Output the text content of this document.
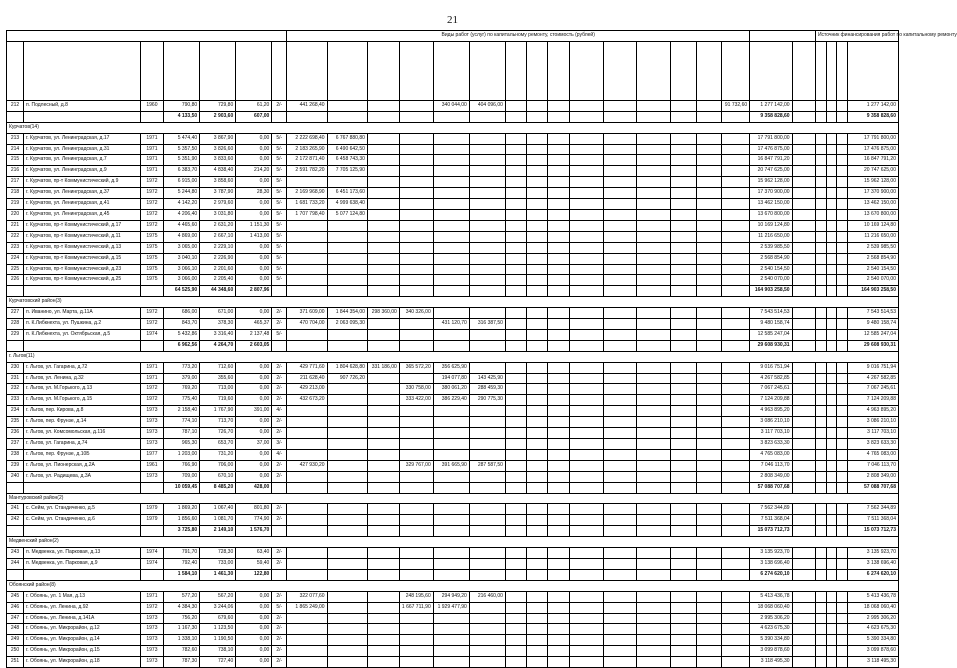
21
							Виды работ (услуг) по капитальному ремонту, стоимость (рублей)																	Источник финансирования работ по капитальному ремонту			

212	п. Подлесный, д.8	1960	790,80	729,80	61,20	2/-	441 268,40				340 044,00	404 096,00									91 732,60	1 277 142,00					1 277 142,00
			4 133,50	2 903,60	607,00																	9 358 828,60					9 358 828,60
Курчатов(14)																											
213	г. Курчатов, ул. Ленинградская, д.17	1971	5 474,40	3 867,90	0,00	5/-	2 222 698,40	6 767 880,80														17 791 800,00					17 791 800,00
214	г. Курчатов, ул. Ленинградская, д.31	1971	5 357,50	3 826,60	0,00	5/-	2 183 265,90	6 490 642,50														17 476 875,00					17 476 875,00
215	г. Курчатов, ул. Ленинградская, д.7	1971	5 351,90	3 833,60	0,00	5/-	2 172 871,40	6 458 743,30														16 847 791,20					16 847 791,20
216	г. Курчатов, ул. Ленинградская, д.9	1971	6 383,70	4 838,40	214,20	5/-	2 591 782,20	7 705 125,90														20 747 625,00					20 747 625,00
217	г. Курчатов, пр-т Коммунистический, д.9	1972	6 915,00	3 858,60	0,00	5/-																15 962 128,00					15 962 128,00
218	г. Курчатов, ул. Ленинградская, д.37	1972	5 244,80	3 787,90	28,30	5/-	2 169 968,90	6 451 173,60														17 370 900,00					17 370 900,00
219	г. Курчатов, ул. Ленинградская, д.41	1972	4 142,20	2 979,60	0,00	5/-	1 681 733,20	4 999 638,40														13 462 150,00					13 462 150,00
220	г. Курчатов, ул. Ленинградская, д.45	1972	4 206,40	3 031,80	0,00	5/-	1 707 798,40	5 077 124,80														13 670 800,00					13 670 800,00
221	г. Курчатов, пр-т Коммунистический, д.17	1972	4 465,60	2 631,20	1 151,30	5/-																10 169 124,80					10 169 124,80
222	г. Курчатов, пр-т Коммунистический, д.11	1975	4 869,00	2 667,10	1 413,00	5/-																11 216 650,00					11 216 650,00
223	г. Курчатов, пр-т Коммунистический, д.13	1975	3 065,00	2 229,10	0,00	5/-																2 539 985,50					2 539 985,50
224	г. Курчатов, пр-т Коммунистический, д.15	1975	3 040,10	2 226,90	0,00	5/-																2 568 854,90					2 568 854,90
225	г. Курчатов, пр-т Коммунистический, д.23	1975	3 066,10	2 201,60	0,00	5/-																2 540 154,50					2 540 154,50
226	г. Курчатов, пр-т Коммунистический, д.25	1975	3 066,00	2 205,40	0,00	5/-																2 540 070,00					2 540 070,00
			64 525,90	44 348,60	2 807,96																	164 903 258,50					164 903 258,50
Курчатовский район(3)																											
227	п. Иванино, ул. Марта, д.11А	1972	686,00	671,00	0,00	2/-	371 609,00	1 844 354,00	298 360,00	340 326,00												7 543 514,53					7 543 514,53
228	п. К.Либкнехта, ул. Пушкина, д.2	1972	843,70	378,30	465,37	2/-	470 704,00	2 063 095,30			431 120,70	316 387,50										9 480 158,74					9 480 158,74
229	п. К.Либкнехта, ул. Октябрьская, д.5	1974	5 432,86	3 316,40	2 137,48	5/-																12 585 247,04					12 585 247,04
			6 962,56	4 264,70	2 603,05																	29 608 930,31					29 608 930,31
г. Льгов(11)																											
230	г. Льгов, ул. Гагарина, д.72	1971	773,20	712,60	0,00	2/-	429 771,60	1 804 628,80	331 186,00	365 572,20	356 625,90											9 016 751,94					9 016 751,94
231	г. Льгов, ул. Ленина, д.32	1971	379,00	355,60	0,00	2/-	211 628,40	907 726,20			194 077,80	143 425,90										4 267 582,85					4 267 582,85
232	г. Льгов, ул. М.Горького, д.13	1972	769,20	713,00	0,00	2/-	429 213,00			330 758,00	380 061,20	288 459,30										7 067 245,61					7 067 245,61
233	г. Льгов, ул. М.Горького, д.15	1972	775,40	719,60	0,00	2/-	432 673,20			333 422,00	386 229,40	290 775,30										7 124 209,88					7 124 209,88
234	г. Льгов, пер. Кирова, д.8	1973	2 158,40	1 767,90	391,00	4/-																4 963 895,20					4 963 895,20
235	г. Льгов, пер. Фрунзе, д.14	1973	774,10	713,70	0,00	2/-																3 086 210,10					3 086 210,10
236	г. Льгов, ул. Комсомольская, д.116	1973	787,10	726,70	0,00	2/-																3 117 703,10					3 117 703,10
237	г. Льгов, ул. Гагарина, д.74	1973	965,30	653,70	37,00	3/-																3 823 633,30					3 823 633,30
238	г. Льгов, пер. Фрунзе, д.10Б	1977	1 203,00	731,20	0,00	4/-																4 765 083,00					4 765 083,00
239	г. Льгов, ул. Пионерская, д.2А	1961	766,90	706,00	0,00	2/-	427 930,20			329 767,00	391 665,90	287 587,50										7 046 113,70					7 046 113,70
240	г. Льгов, ул. Радищева, д.3А	1973	709,00	670,10	0,00	2/-																2 808 349,00					2 808 349,00
			10 059,45	8 485,20	428,00																	57 088 707,68					57 088 707,68
Мантуровский район(2)																											
241	с. Сейм, ул. Стандиченко, д.5	1979	1 869,20	1 067,40	801,80	2/-																7 562 344,89					7 562 344,89
242	с. Сейм, ул. Стандиченко, д.6	1979	1 856,60	1 081,70	774,90	2/-																7 511 368,04					7 511 368,04
			3 725,80	2 149,10	1 576,70																	15 073 712,73					15 073 712,73
Медвенский район(2)																											
243	п. Медвенка, ул. Парковая, д.13	1974	791,70	728,30	63,40	2/-																3 135 923,70					3 135 923,70
244	п. Медвенка, ул. Парковая, д.9	1974	792,40	733,00	59,40	2/-																3 138 696,40					3 138 696,40
			1 584,10	1 461,30	122,80																	6 274 620,10					6 274 620,10
Обоянский район(8)																											
245	г. Обоянь, ул. 1 Мая, д.13	1971	577,20	567,20	0,00	2/-	322 077,60			248 195,60	294 949,20	216 460,00										5 413 436,78					5 413 436,78
246	г. Обоянь, ул. Ленина, д.92	1972	4 384,30	3 244,06	0,00	5/-	1 865 249,00			1 667 711,90	1 929 477,90											18 068 060,40					18 068 060,40
247	г. Обоянь, ул. Ленина, д.141А	1973	756,20	679,60	0,00	2/-																2 995 306,20					2 995 306,20
248	г. Обоянь, ул. Микрорайон, д.12	1973	1 167,30	1 123,50	0,00	2/-																4 623 675,30					4 623 675,30
249	г. Обоянь, ул. Микрорайон, д.14	1973	1 338,10	1 190,50	0,00	2/-																5 390 334,80					5 390 334,80
250	г. Обоянь, ул. Микрорайон, д.15	1973	782,60	738,10	0,00	2/-																3 099 878,60					3 099 878,60
251	г. Обоянь, ул. Микрорайон, д.18	1973	787,30	727,40	0,00	2/-																3 118 495,30					3 118 495,30
